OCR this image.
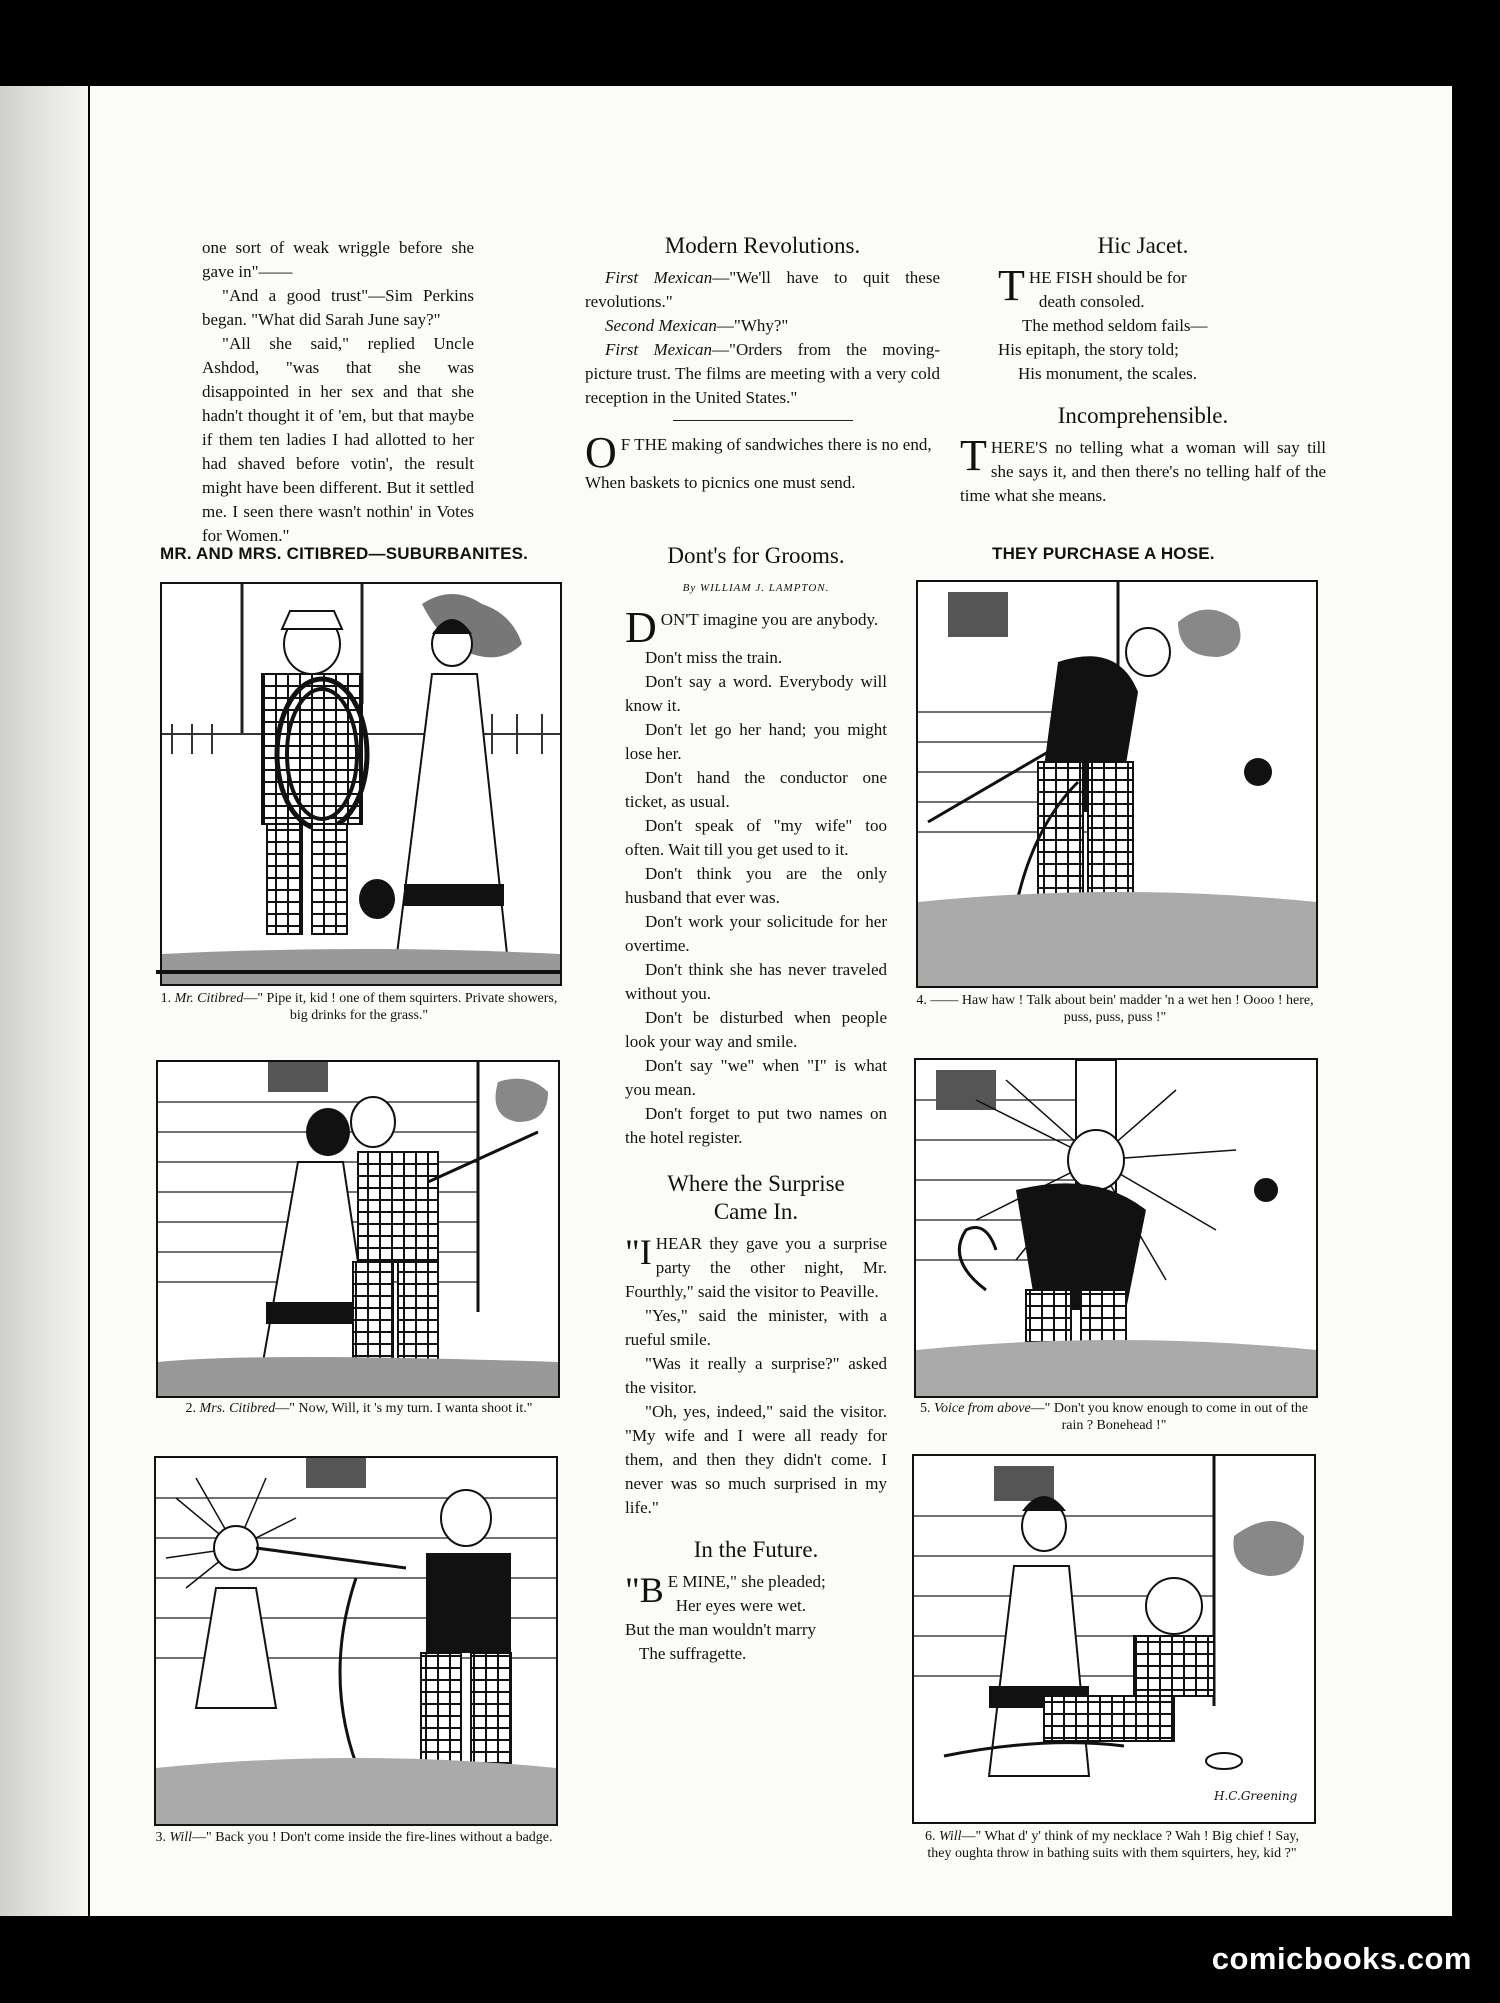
one sort of weak wriggle before she gave in"——

"And a good trust"—Sim Perkins began. "What did Sarah June say?"

"All she said," replied Uncle Ashdod, "was that she was disappointed in her sex and that she hadn't thought it of 'em, but that maybe if them ten ladies I had allotted to her had shaved before votin', the result might have been different. But it settled me. I seen there wasn't nothin' in Votes for Women."

Modern Revolutions.

First Mexican—"We'll have to quit these revolutions."

Second Mexican—"Why?"

First Mexican—"Orders from the moving-picture trust. The films are meeting with a very cold reception in the United States."

O F THE making of sandwiches there is no end,

When baskets to picnics one must send.

Hic Jacet.

THE FISH should be for
death consoled.

The method seldom fails—

His epitaph, the story told;

His monument, the scales.

Incomprehensible.

THERE'S no telling what a woman will say till she says it, and then there's no telling half of the time what she means.

MR. AND MRS. CITIBRED—SUBURBANITES.	THEY PURCHASE A HOSE.
1. Mr. Citibred—" Pipe it, kid ! one of them squirters. Private showers, big drinks for the grass."
2. Mrs. Citibred—" Now, Will, it 's my turn. I wanta shoot it."
3. Will—" Back you ! Don't come inside the fire-lines without a badge.
Dont's for Grooms.
By WILLIAM J. LAMPTON.

DON'T imagine you are anybody.

Don't miss the train.

Don't say a word. Everybody will know it.

Don't let go her hand; you might lose her.

Don't hand the conductor one ticket, as usual.

Don't speak of "my wife" too often. Wait till you get used to it.

Don't think you are the only husband that ever was.

Don't work your solicitude for her overtime.

Don't think she has never traveled without you.

Don't be disturbed when people look your way and smile.

Don't say "we" when "I" is what you mean.

Don't forget to put two names on the hotel register.

Where the Surprise Came In.

"I HEAR they gave you a surprise party the other night, Mr. Fourthly," said the visitor to Peaville.

"Yes," said the minister, with a rueful smile.

"Was it really a surprise?" asked the visitor.

"Oh, yes, indeed," said the visitor. "My wife and I were all ready for them, and then they didn't come. I never was so much surprised in my life."

In the Future.

"B E MINE," she pleaded;
Her eyes were wet.

But the man wouldn't marry

The suffragette.

4. —— Haw haw ! Talk about bein' madder 'n a wet hen ! Oooo ! here, puss, puss, puss !"
5. Voice from above—" Don't you know enough to come in out of the rain ? Bonehead !"
H.C.Greening
6. Will—" What d' y' think of my necklace ? Wah ! Big chief ! Say, they oughta throw in bathing suits with them squirters, hey, kid ?"
comicbooks.com
